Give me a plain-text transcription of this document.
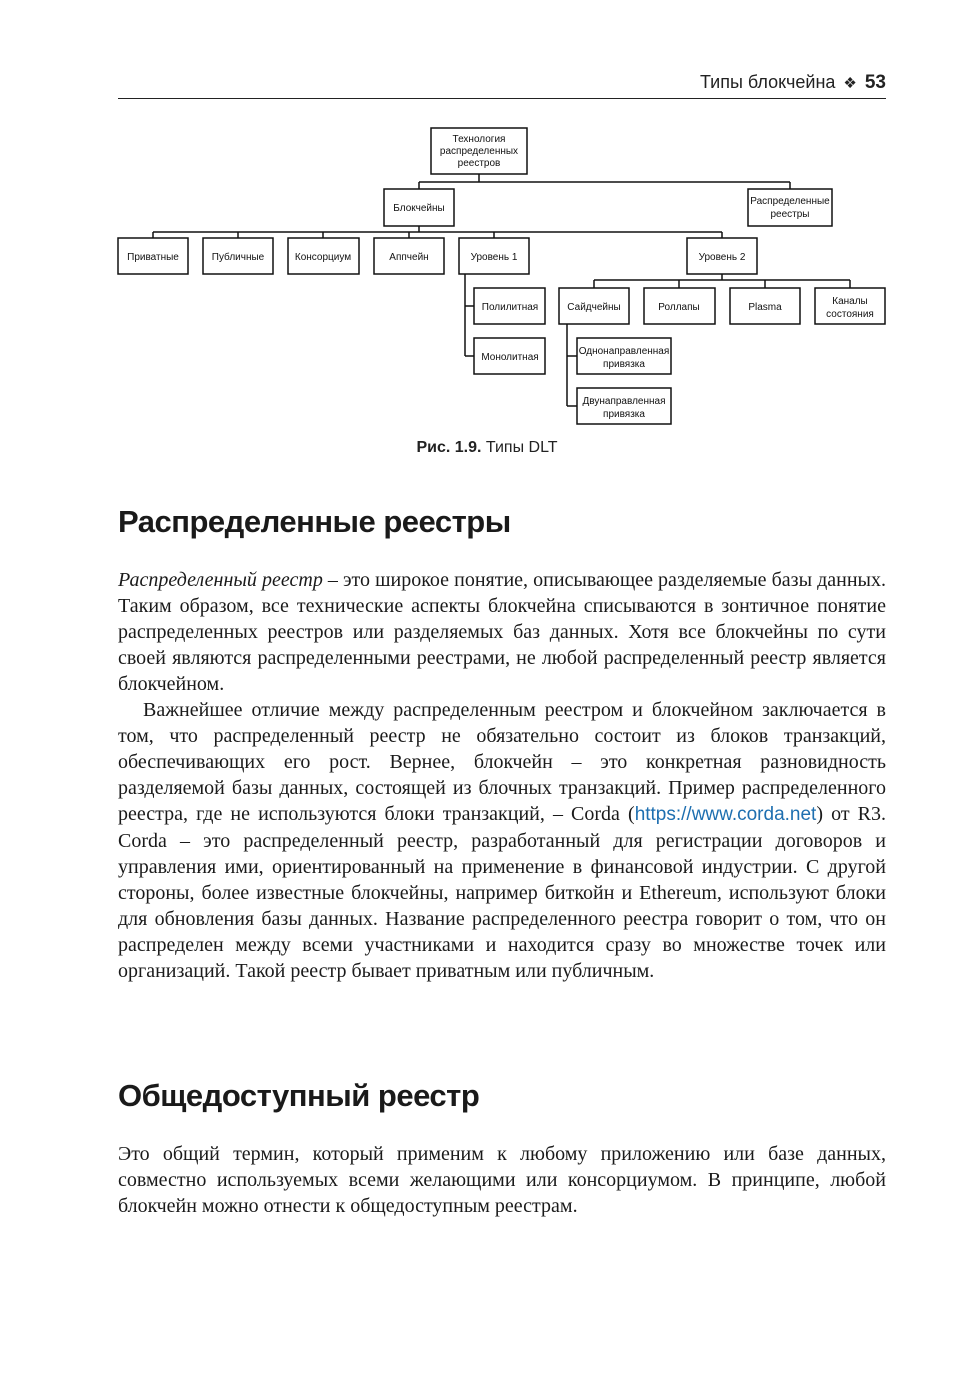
Типы блокчейна ❖ 53
Технология
распределенных
реестров
Блокчейны
Распределенные
реестры
Приватные	Публичные	Консорциум	Аппчейн	Уровень 1	Уровень 2
Полилитная
Монолитная
Сайдчейны	Роллапы	Plasma
Каналы
состояния
Однонаправленная
привязка
Двунаправленная
привязка
Рис. 1.9. Типы DLT
Распределенные реестры

Распределенный реестр – это широкое понятие, описывающее разделяемые базы данных. Таким образом, все технические аспекты блокчейна списываются в зонтичное понятие распределенных реестров или разделяемых баз данных. Хотя все блокчейны по сути своей являются распределенными реестрами, не любой распределенный реестр является блокчейном.

Важнейшее отличие между распределенным реестром и блокчейном заключается в том, что распределенный реестр не обязательно состоит из блоков транзакций, обеспечивающих его рост. Вернее, блокчейн – это конкретная разновидность разделяемой базы данных, состоящей из блочных транзакций. Пример распределенного реестра, где не используются блоки транзакций, – Corda (https://www.corda.net) от R3. Corda – это распределенный реестр, разработанный для регистрации договоров и управления ими, ориентированный на применение в финансовой индустрии. С другой стороны, более известные блокчейны, например биткойн и Ethereum, используют блоки для обновления базы данных. Название распределенного реестра говорит о том, что он распределен между всеми участниками и находится сразу во множестве точек или организаций. Такой реестр бывает приватным или публичным.

Общедоступный реестр

Это общий термин, который применим к любому приложению или базе данных, совместно используемых всеми желающими или консорциумом. В принципе, любой блокчейн можно отнести к общедоступным реестрам.
